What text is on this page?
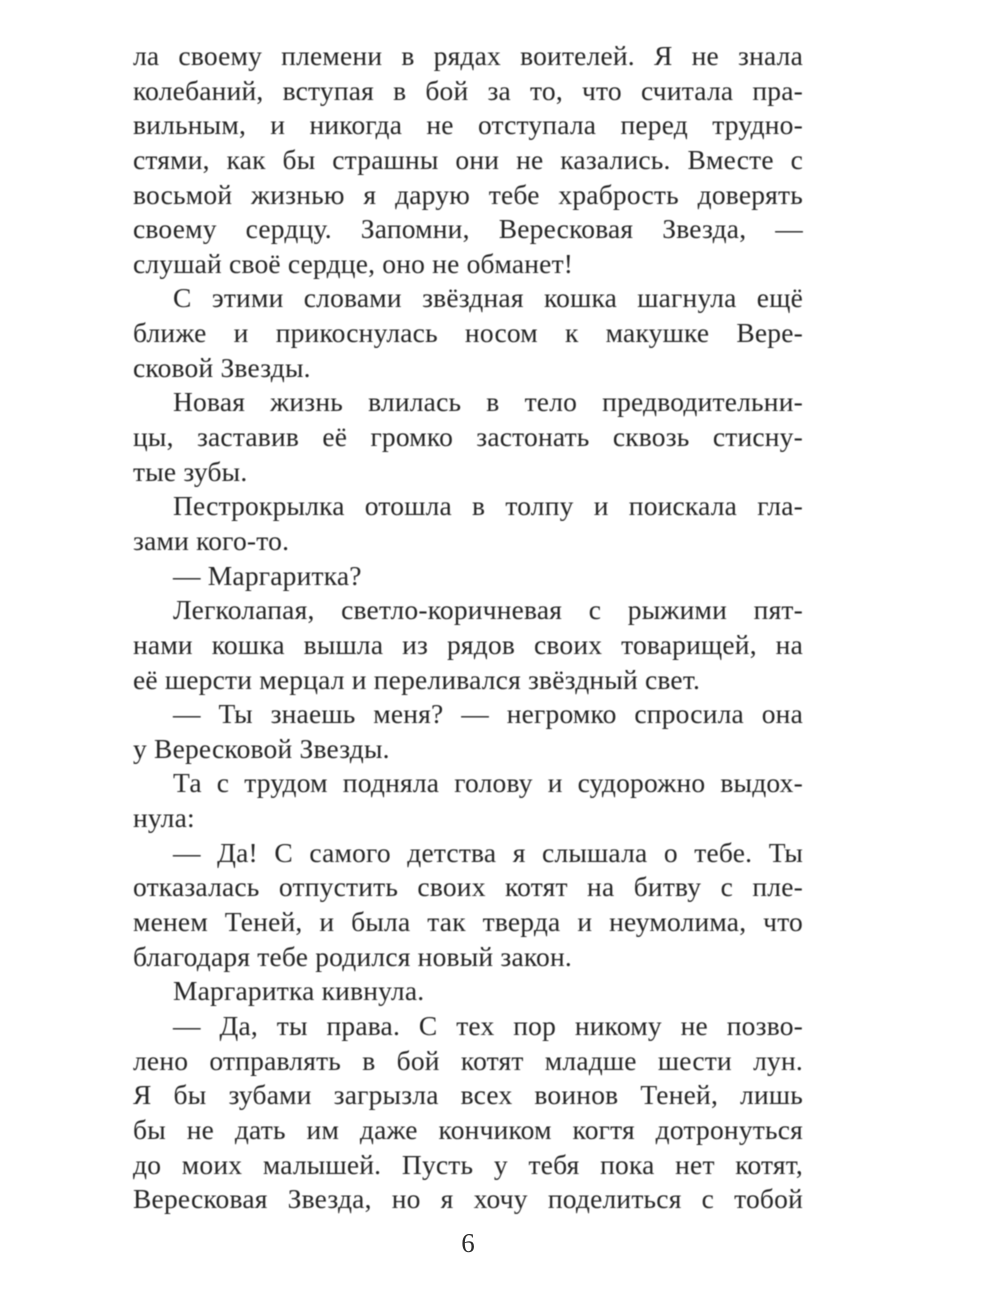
ла своему племени в рядах воителей. Я не знала
колебаний, вступая в бой за то, что считала пра-
вильным, и никогда не отступала перед трудно-
стями, как бы страшны они не казались. Вместе с
восьмой жизнью я дарую тебе храбрость доверять
своему сердцу. Запомни, Вересковая Звезда, —
слушай своё сердце, оно не обманет!
С этими словами звёздная кошка шагнула ещё
ближе и прикоснулась носом к макушке Вере-
сковой Звезды.
Новая жизнь влилась в тело предводительни-
цы, заставив её громко застонать сквозь стисну-
тые зубы.
Пестрокрылка отошла в толпу и поискала гла-
зами кого-то.
— Маргаритка?
Легколапая, светло-коричневая с рыжими пят-
нами кошка вышла из рядов своих товарищей, на
её шерсти мерцал и переливался звёздный свет.
— Ты знаешь меня? — негромко спросила она
у Вересковой Звезды.
Та с трудом подняла голову и судорожно выдох-
нула:
— Да! С самого детства я слышала о тебе. Ты
отказалась отпустить своих котят на битву с пле-
менем Теней, и была так тверда и неумолима, что
благодаря тебе родился новый закон.
Маргаритка кивнула.
— Да, ты права. С тех пор никому не позво-
лено отправлять в бой котят младше шести лун.
Я бы зубами загрызла всех воинов Теней, лишь
бы не дать им даже кончиком когтя дотронуться
до моих малышей. Пусть у тебя пока нет котят,
Вересковая Звезда, но я хочу поделиться с тобой
6
